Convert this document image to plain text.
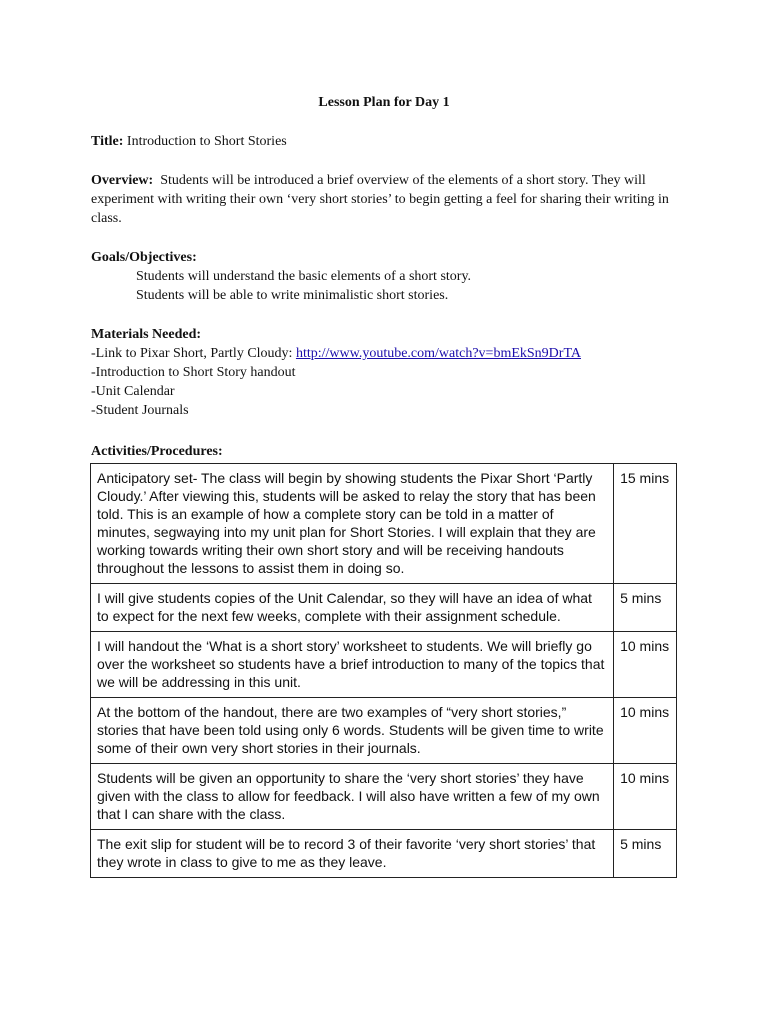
Lesson Plan for Day 1
Title: Introduction to Short Stories
Overview: Students will be introduced a brief overview of the elements of a short story. They will experiment with writing their own ‘very short stories’ to begin getting a feel for sharing their writing in class.
Goals/Objectives:
Students will understand the basic elements of a short story.
Students will be able to write minimalistic short stories.
Materials Needed:
-Link to Pixar Short, Partly Cloudy: http://www.youtube.com/watch?v=bmEkSn9DrTA
-Introduction to Short Story handout
-Unit Calendar
-Student Journals
Activities/Procedures:
Anticipatory set- The class will begin by showing students the Pixar Short ‘Partly Cloudy.’ After viewing this, students will be asked to relay the story that has been told. This is an example of how a complete story can be told in a matter of minutes, segwaying into my unit plan for Short Stories. I will explain that they are working towards writing their own short story and will be receiving handouts throughout the lessons to assist them in doing so.	15 mins
I will give students copies of the Unit Calendar, so they will have an idea of what to expect for the next few weeks, complete with their assignment schedule.	5 mins
I will handout the ‘What is a short story’ worksheet to students. We will briefly go over the worksheet so students have a brief introduction to many of the topics that we will be addressing in this unit.	10 mins
At the bottom of the handout, there are two examples of “very short stories,” stories that have been told using only 6 words. Students will be given time to write some of their own very short stories in their journals.	10 mins
Students will be given an opportunity to share the ‘very short stories’ they have given with the class to allow for feedback. I will also have written a few of my own that I can share with the class.	10 mins
The exit slip for student will be to record 3 of their favorite ‘very short stories’ that they wrote in class to give to me as they leave.	5 mins
